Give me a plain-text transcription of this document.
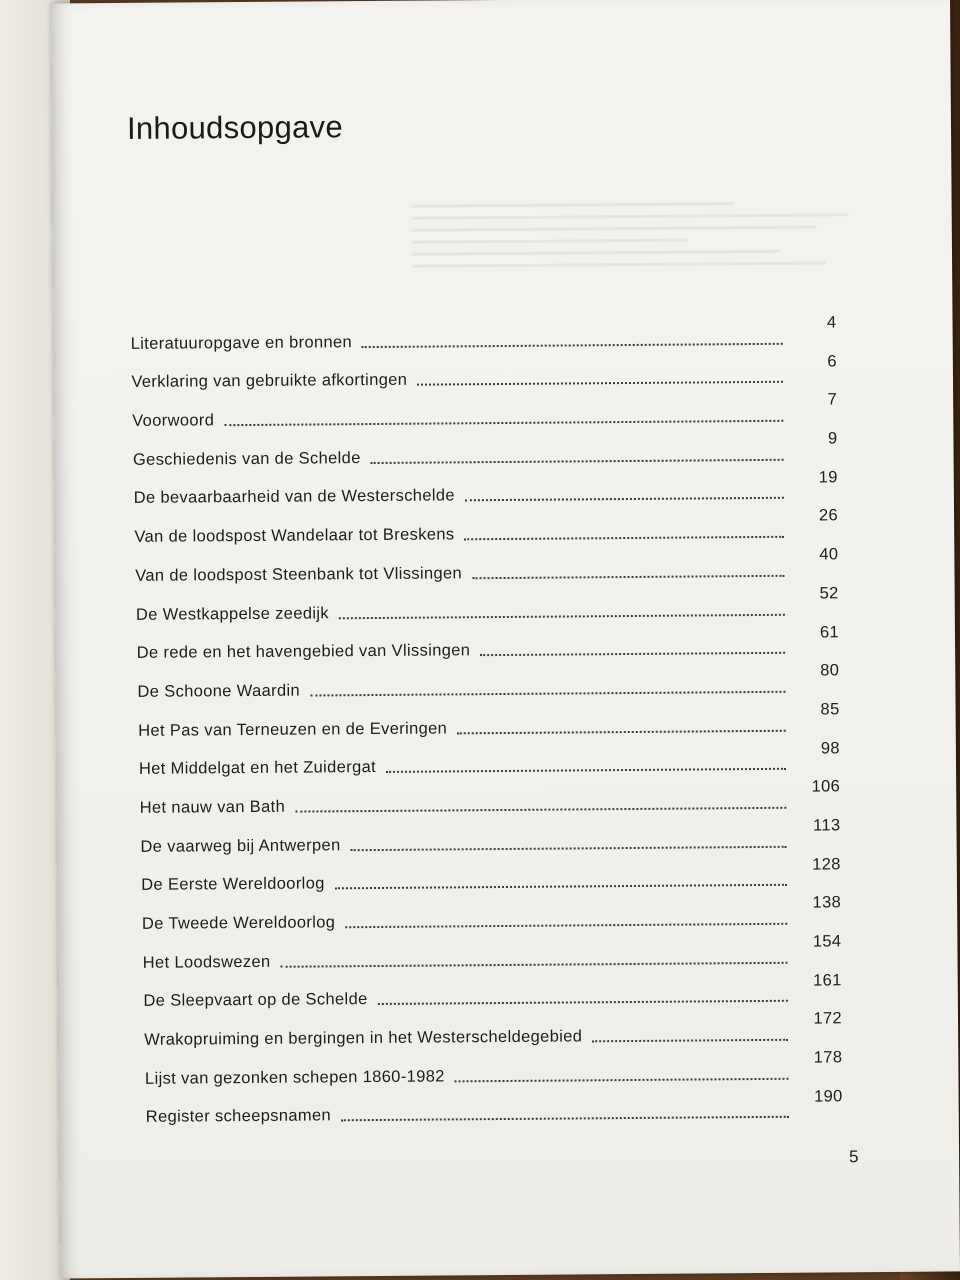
Inhoudsopgave
Literatuuropgave en bronnen
4
Verklaring van gebruikte afkortingen
6
Voorwoord
7
Geschiedenis van de Schelde
9
De bevaarbaarheid van de Westerschelde
19
Van de loodspost Wandelaar tot Breskens
26
Van de loodspost Steenbank tot Vlissingen
40
De Westkappelse zeedijk
52
De rede en het havengebied van Vlissingen
61
De Schoone Waardin
80
Het Pas van Terneuzen en de Everingen
85
Het Middelgat en het Zuidergat
98
Het nauw van Bath
106
De vaarweg bij Antwerpen
113
De Eerste Wereldoorlog
128
De Tweede Wereldoorlog
138
Het Loodswezen
154
De Sleepvaart op de Schelde
161
Wrakopruiming en bergingen in het Westerscheldegebied
172
Lijst van gezonken schepen 1860-1982
178
Register scheepsnamen
190
5
